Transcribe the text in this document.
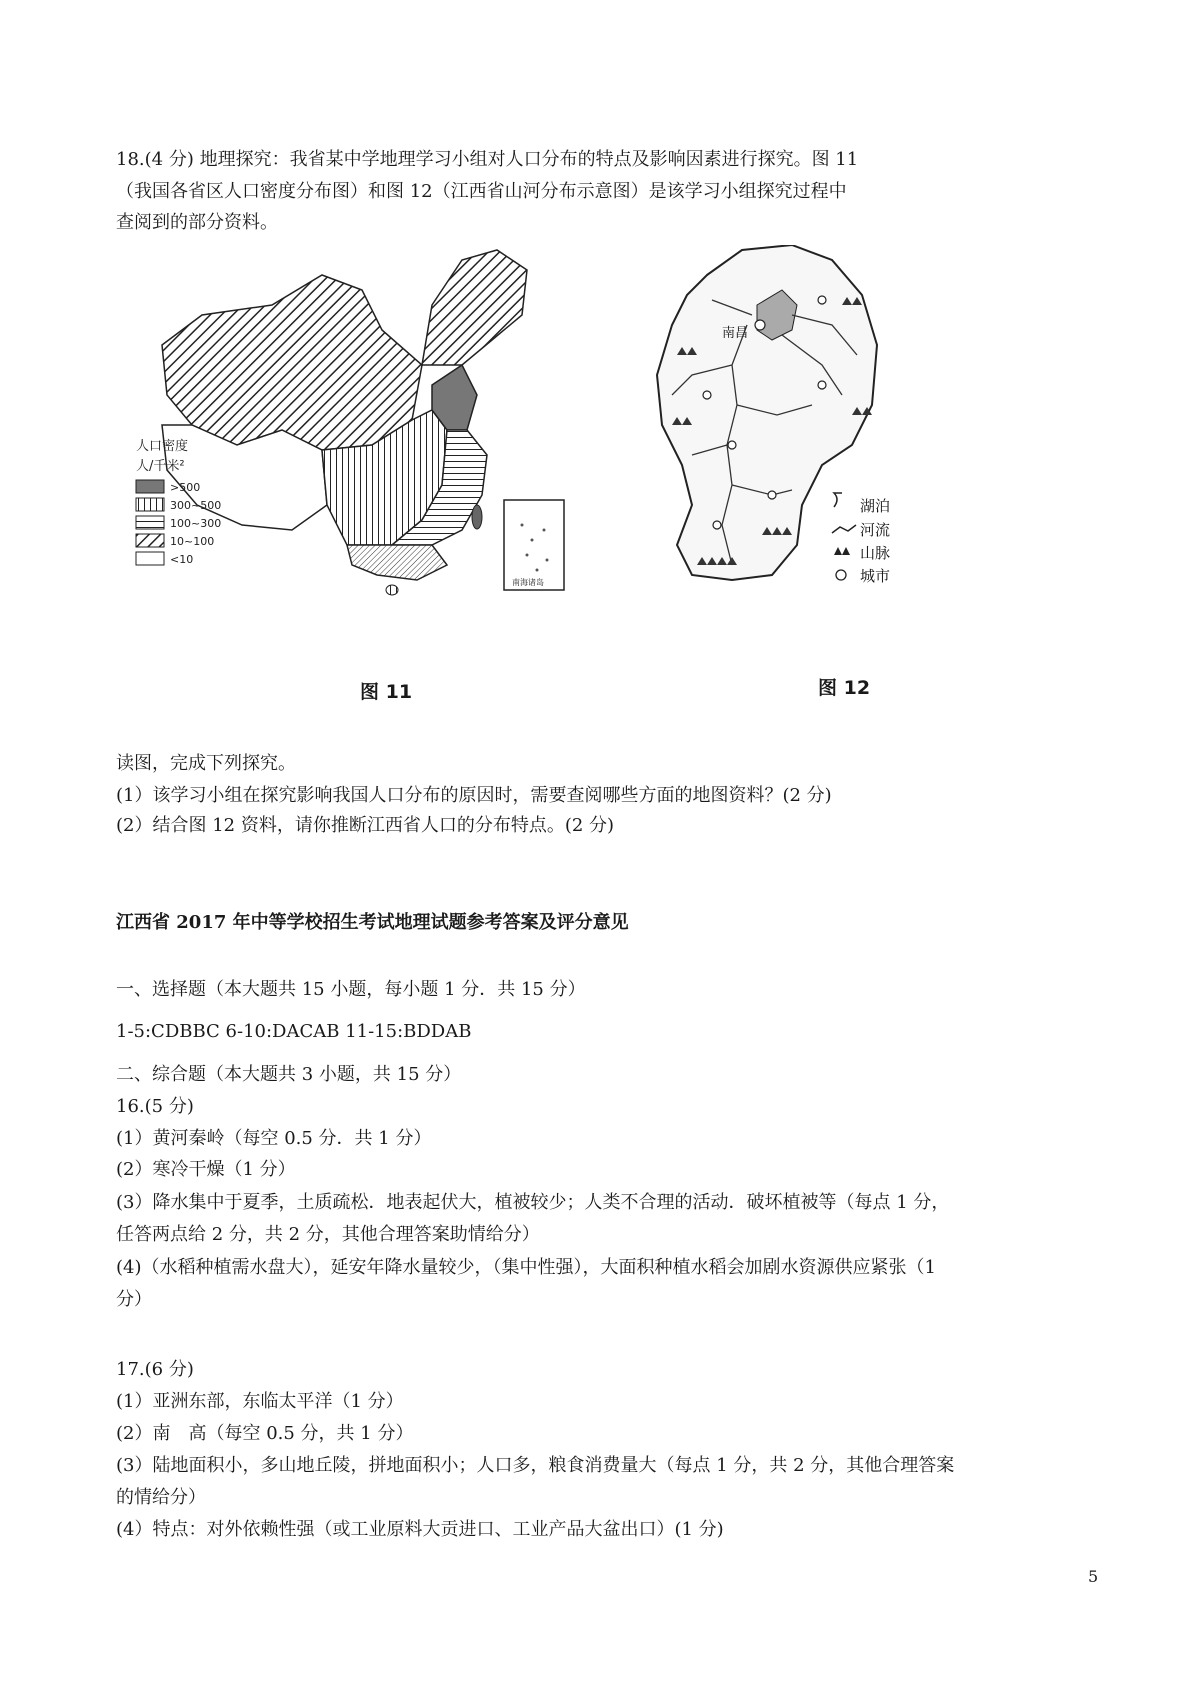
18.(4 分) 地理探究：我省某中学地理学习小组对人口分布的特点及影响因素进行探究。图 11
（我国各省区人口密度分布图）和图 12（江西省山河分布示意图）是该学习小组探究过程中
查阅到的部分资料。
南海诸岛
人口密度
人/千米²
>500
300~500
100~300
10~100
<10
南昌
湖泊
河流
山脉
城市
图 11	图 12
读图，完成下列探究。
(1）该学习小组在探究影响我国人口分布的原因时，需要查阅哪些方面的地图资料？(2 分)
(2）结合图 12 资料，请你推断江西省人口的分布特点。(2 分)
江西省 2017 年中等学校招生考试地理试题参考答案及评分意见
一、选择题（本大题共 15 小题，每小题 1 分．共 15 分）
1-5:CDBBC 6-10:DACAB 11-15:BDDAB
二、综合题（本大题共 3 小题，共 15 分）
16.(5 分)
(1）黄河秦岭（每空 0.5 分．共 1 分）
(2）寒冷干燥（1 分）
(3）降水集中于夏季，土质疏松．地表起伏大，植被较少；人类不合理的活动．破坏植被等（每点 1 分，
任答两点给 2 分，共 2 分，其他合理答案助情给分）
(4)（水稻种植需水盘大），延安年降水量较少，（集中性强），大面积种植水稻会加剧水资源供应紧张（1
分）
17.(6 分)
(1）亚洲东部，东临太平洋（1 分）
(2）南　高（每空 0.5 分，共 1 分）
(3）陆地面积小，多山地丘陵，拼地面积小；人口多，粮食消费量大（每点 1 分，共 2 分，其他合理答案
的情给分）
(4）特点：对外依赖性强（或工业原料大贡进口、工业产品大盆出口）(1 分)
5
